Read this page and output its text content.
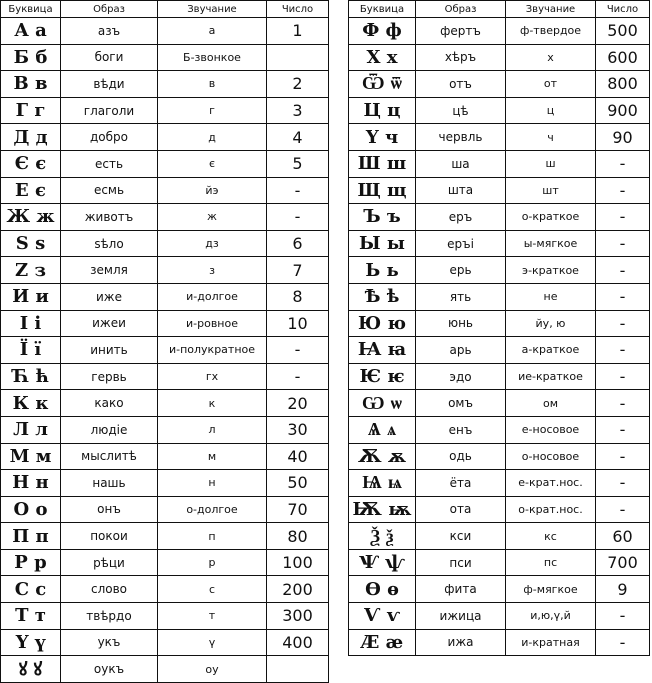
Буквица	Образ	Звучание	Число
А а	азъ	а	1
Б б	боги	Б-звонкое	
В в	вѣди	в	2
Г г	глаголи	г	3
Д д	добро	д	4
Є є	есть	є	5
Е є	есмь	йэ	-
Ж ж	животъ	ж	-
S s	sѣло	дз	6
Z з	земля	з	7
И и	иже	и-долгое	8
І і	ижеи	и-ровное	10
Ї ї	инить	и-полукратное	-
Ћ ћ	гервь	гх	-
К к	како	к	20
Л л	людiе	л	30
М м	мыслитѣ	м	40
Н н	нашь	н	50
О о	онъ	о-долгое	70
П п	покои	п	80
Р р	рѣци	р	100
С с	слово	с	200
Т т	твѣрдо	т	300
Ү ү	укъ	ү	400
ꙋ ꙋ	оукъ	оу	
Буквица	Образ	Звучание	Число
Ф ф	фертъ	ф-твердое	500
Х х	хѣръ	х	600
Ѿ ѿ	отъ	от	800
Ц ц	цѣ	ц	900
Ү ч	червль	ч	90
Ш ш	ша	ш	-
Щ щ	шта	шт	-
Ъ ъ	еръ	о-краткое	-
Ы ы	еръі	ы-мягкое	-
Ь ь	ерь	э-краткое	-
Ѣ ѣ	ять	не	-
Ю ю	юнь	йу, ю	-
Ꙗ ꙗ	арь	а-краткое	-
Ѥ ѥ	эдо	ие-краткое	-
Ѡ ѡ	омъ	ом	-
Ѧ ѧ	енъ	е-носовое	-
Ѫ ѫ	одь	о-носовое	-
Ѩ ѩ	ёта	е-крат.нос.	-
Ѭ ѭ	ота	о-крат.нос.	-
Ѯ ѯ	кси	кс	60
Ѱ ѱ	пси	пс	700
Ѳ ѳ	фита	ф-мягкое	9
Ѵ ѵ	ижица	и,ю,ү,й	-
Ӕ ӕ	ижа	и-кратная	-
